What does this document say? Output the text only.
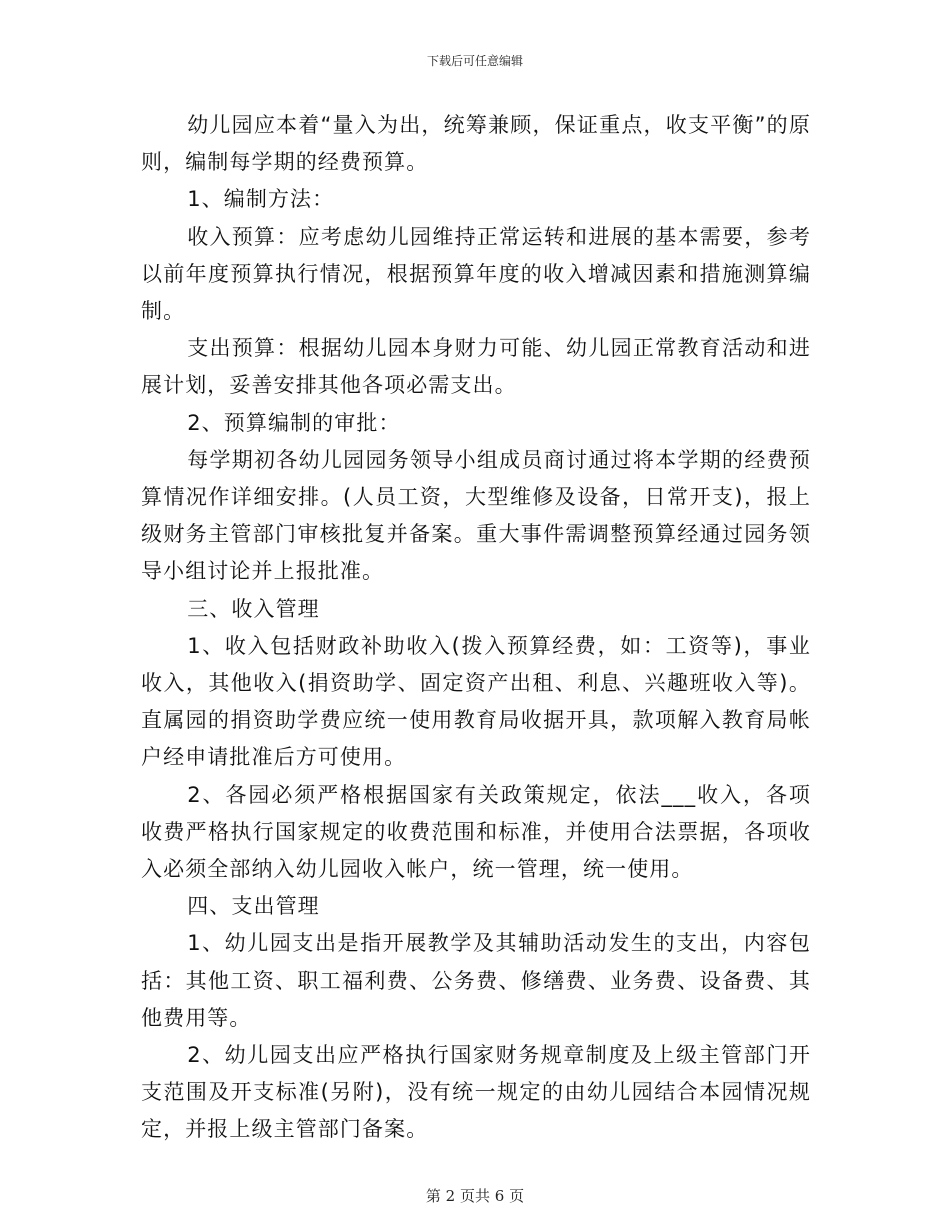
下载后可任意编辑

幼儿园应本着“量入为出，统筹兼顾，保证重点，收支平衡”的原则，编制每学期的经费预算。

1、编制方法：

收入预算：应考虑幼儿园维持正常运转和进展的基本需要，参考以前年度预算执行情况，根据预算年度的收入增减因素和措施测算编制。

支出预算：根据幼儿园本身财力可能、幼儿园正常教育活动和进展计划，妥善安排其他各项必需支出。

2、预算编制的审批：

每学期初各幼儿园园务领导小组成员商讨通过将本学期的经费预算情况作详细安排。(人员工资，大型维修及设备，日常开支)，报上级财务主管部门审核批复并备案。重大事件需调整预算经通过园务领导小组讨论并上报批准。

三、收入管理

1、收入包括财政补助收入(拨入预算经费，如：工资等)，事业收入，其他收入(捐资助学、固定资产出租、利息、兴趣班收入等)。直属园的捐资助学费应统一使用教育局收据开具，款项解入教育局帐户经申请批准后方可使用。

2、各园必须严格根据国家有关政策规定，依法___收入，各项收费严格执行国家规定的收费范围和标准，并使用合法票据，各项收入必须全部纳入幼儿园收入帐户，统一管理，统一使用。

四、支出管理

1、幼儿园支出是指开展教学及其辅助活动发生的支出，内容包括：其他工资、职工福利费、公务费、修缮费、业务费、设备费、其他费用等。

2、幼儿园支出应严格执行国家财务规章制度及上级主管部门开支范围及开支标准(另附)，没有统一规定的由幼儿园结合本园情况规定，并报上级主管部门备案。

第 2 页共 6 页
